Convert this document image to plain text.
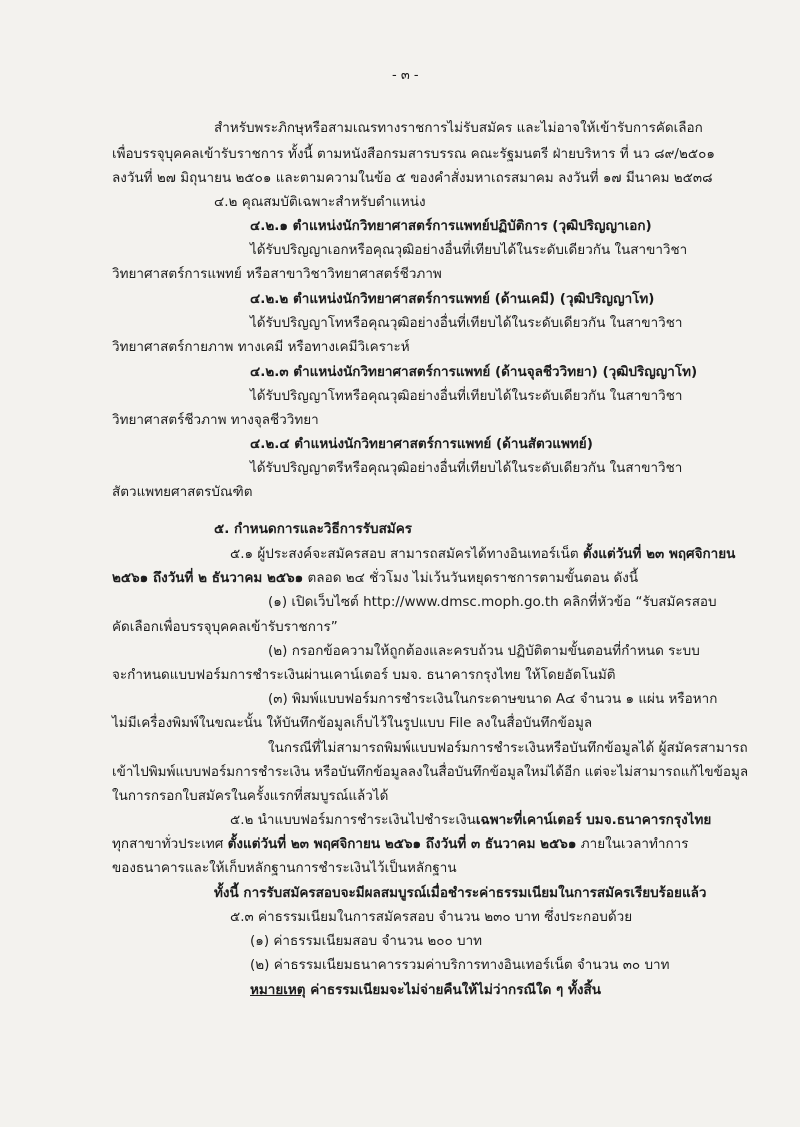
- ๓ -
สำหรับพระภิกษุหรือสามเณรทางราชการไม่รับสมัคร และไม่อาจให้เข้ารับการคัดเลือก
เพื่อบรรจุบุคคลเข้ารับราชการ ทั้งนี้ ตามหนังสือกรมสารบรรณ คณะรัฐมนตรี ฝ่ายบริหาร ที่ นว ๘๙/๒๕๐๑
ลงวันที่ ๒๗ มิถุนายน ๒๕๐๑ และตามความในข้อ ๕ ของคำสั่งมหาเถรสมาคม ลงวันที่ ๑๗ มีนาคม ๒๕๓๘
๔.๒ คุณสมบัติเฉพาะสำหรับตำแหน่ง
๔.๒.๑ ตำแหน่งนักวิทยาศาสตร์การแพทย์ปฏิบัติการ (วุฒิปริญญาเอก)
ได้รับปริญญาเอกหรือคุณวุฒิอย่างอื่นที่เทียบได้ในระดับเดียวกัน ในสาขาวิชา
วิทยาศาสตร์การแพทย์ หรือสาขาวิชาวิทยาศาสตร์ชีวภาพ
๔.๒.๒ ตำแหน่งนักวิทยาศาสตร์การแพทย์ (ด้านเคมี) (วุฒิปริญญาโท)
ได้รับปริญญาโทหรือคุณวุฒิอย่างอื่นที่เทียบได้ในระดับเดียวกัน ในสาขาวิชา
วิทยาศาสตร์กายภาพ ทางเคมี หรือทางเคมีวิเคราะห์
๔.๒.๓ ตำแหน่งนักวิทยาศาสตร์การแพทย์ (ด้านจุลชีววิทยา) (วุฒิปริญญาโท)
ได้รับปริญญาโทหรือคุณวุฒิอย่างอื่นที่เทียบได้ในระดับเดียวกัน ในสาขาวิชา
วิทยาศาสตร์ชีวภาพ ทางจุลชีววิทยา
๔.๒.๔ ตำแหน่งนักวิทยาศาสตร์การแพทย์ (ด้านสัตวแพทย์)
ได้รับปริญญาตรีหรือคุณวุฒิอย่างอื่นที่เทียบได้ในระดับเดียวกัน ในสาขาวิชา
สัตวแพทยศาสตรบัณฑิต
๕. กำหนดการและวิธีการรับสมัคร
๕.๑ ผู้ประสงค์จะสมัครสอบ สามารถสมัครได้ทางอินเทอร์เน็ต ตั้งแต่วันที่ ๒๓ พฤศจิกายน
๒๕๖๑ ถึงวันที่ ๒ ธันวาคม ๒๕๖๑ ตลอด ๒๔ ชั่วโมง ไม่เว้นวันหยุดราชการตามขั้นตอน ดังนี้
(๑) เปิดเว็บไซต์ http://www.dmsc.moph.go.th คลิกที่หัวข้อ “รับสมัครสอบ
คัดเลือกเพื่อบรรจุบุคคลเข้ารับราชการ”
(๒) กรอกข้อความให้ถูกต้องและครบถ้วน ปฏิบัติตามขั้นตอนที่กำหนด ระบบ
จะกำหนดแบบฟอร์มการชำระเงินผ่านเคาน์เตอร์ บมจ. ธนาคารกรุงไทย ให้โดยอัตโนมัติ
(๓) พิมพ์แบบฟอร์มการชำระเงินในกระดาษขนาด A๔ จำนวน ๑ แผ่น หรือหาก
ไม่มีเครื่องพิมพ์ในขณะนั้น ให้บันทึกข้อมูลเก็บไว้ในรูปแบบ File ลงในสื่อบันทึกข้อมูล
ในกรณีที่ไม่สามารถพิมพ์แบบฟอร์มการชำระเงินหรือบันทึกข้อมูลได้ ผู้สมัครสามารถ
เข้าไปพิมพ์แบบฟอร์มการชำระเงิน หรือบันทึกข้อมูลลงในสื่อบันทึกข้อมูลใหม่ได้อีก แต่จะไม่สามารถแก้ไขข้อมูล
ในการกรอกใบสมัครในครั้งแรกที่สมบูรณ์แล้วได้
๕.๒ นำแบบฟอร์มการชำระเงินไปชำระเงินเฉพาะที่เคาน์เตอร์ บมจ.ธนาคารกรุงไทย
ทุกสาขาทั่วประเทศ ตั้งแต่วันที่ ๒๓ พฤศจิกายน ๒๕๖๑ ถึงวันที่ ๓ ธันวาคม ๒๕๖๑ ภายในเวลาทำการ
ของธนาคารและให้เก็บหลักฐานการชำระเงินไว้เป็นหลักฐาน
ทั้งนี้ การรับสมัครสอบจะมีผลสมบูรณ์เมื่อชำระค่าธรรมเนียมในการสมัครเรียบร้อยแล้ว
๕.๓ ค่าธรรมเนียมในการสมัครสอบ จำนวน ๒๓๐ บาท ซึ่งประกอบด้วย
(๑) ค่าธรรมเนียมสอบ จำนวน ๒๐๐ บาท
(๒) ค่าธรรมเนียมธนาคารรวมค่าบริการทางอินเทอร์เน็ต จำนวน ๓๐ บาท
หมายเหตุ ค่าธรรมเนียมจะไม่จ่ายคืนให้ไม่ว่ากรณีใด ๆ ทั้งสิ้น
